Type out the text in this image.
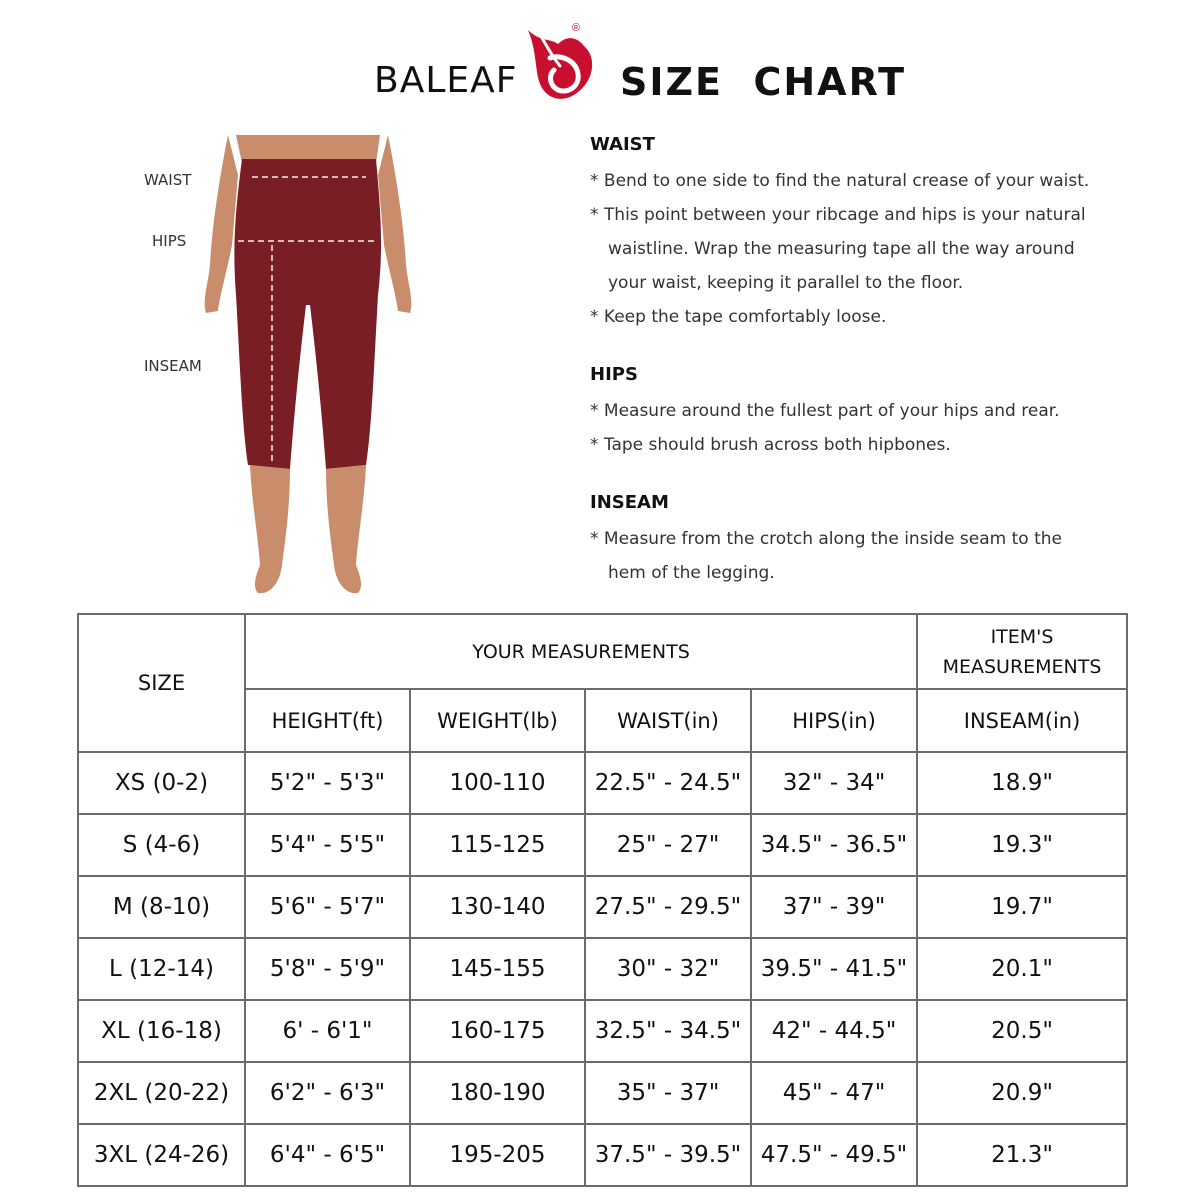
BALEAF
®
SIZE  CHART
WAIST
HIPS
INSEAM

WAIST

* Bend to one side to find the natural crease of your waist.

* This point between your ribcage and hips is your natural
waistline. Wrap the measuring tape all the way around
your waist, keeping it parallel to the floor.

* Keep the tape comfortably loose.

HIPS

* Measure around the fullest part of your hips and rear.

* Tape should brush across both hipbones.

INSEAM

* Measure from the crotch along the inside seam to the
hem of the legging.

SIZE	YOUR MEASUREMENTS				ITEM'S
MEASUREMENTS
	HEIGHT(ft)	WEIGHT(lb)	WAIST(in)	HIPS(in)	INSEAM(in)
XS (0-2)	5'2" - 5'3"	100-110	22.5" - 24.5"	32" - 34"	18.9"
S (4-6)	5'4" - 5'5"	115-125	25" - 27"	34.5" - 36.5"	19.3"
M (8-10)	5'6" - 5'7"	130-140	27.5" - 29.5"	37" - 39"	19.7"
L (12-14)	5'8" - 5'9"	145-155	30" - 32"	39.5" - 41.5"	20.1"
XL (16-18)	6' - 6'1"	160-175	32.5" - 34.5"	42" - 44.5"	20.5"
2XL (20-22)	6'2" - 6'3"	180-190	35" - 37"	45" - 47"	20.9"
3XL (24-26)	6'4" - 6'5"	195-205	37.5" - 39.5"	47.5" - 49.5"	21.3"
